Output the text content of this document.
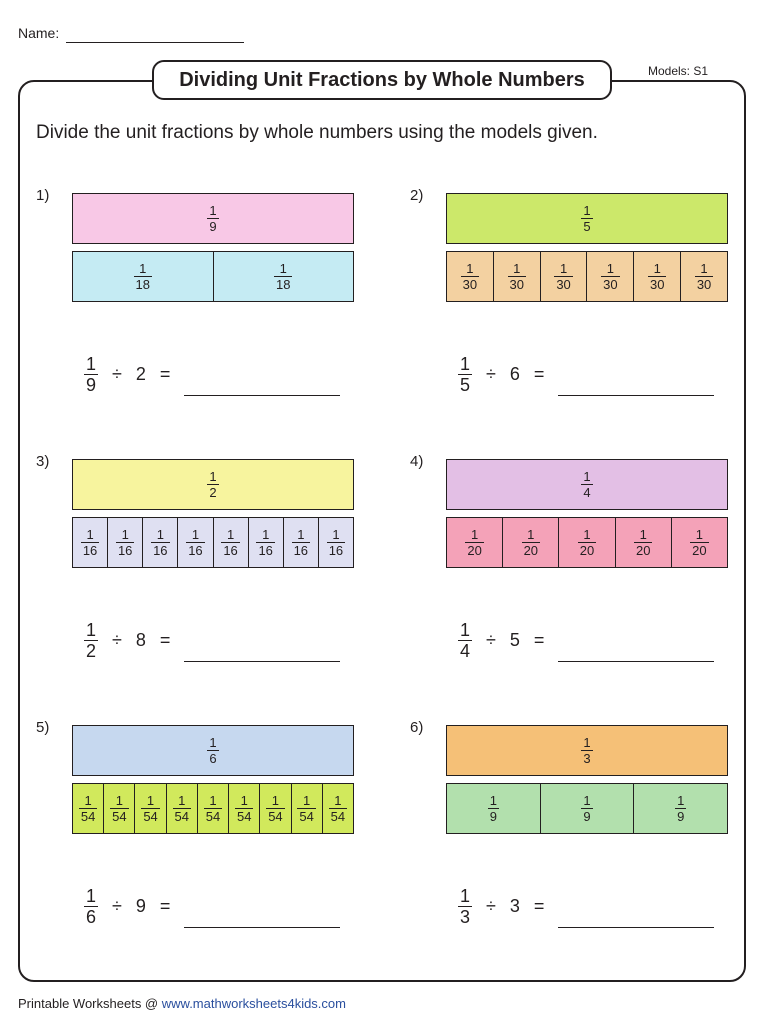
Name:
Dividing Unit Fractions by Whole Numbers	Models: S1
Divide the unit fractions by whole numbers using the models given.
1)
$\frac{1}{9}$
$\frac{1}{18}$	$\frac{1}{18}$
$\frac{1}{9} \div 2$ =
2)
$\frac{1}{5}$
$\frac{1}{30} \frac{1}{30} \frac{1}{30} \frac{1}{30} \frac{1}{30} \frac{1}{30}$
$\frac{1}{5} \div 6$ =
3)
$\frac{1}{2}$
$\frac{1}{16} \frac{1}{16} \frac{1}{16} \frac{1}{16} \frac{1}{16} \frac{1}{16} \frac{1}{16} \frac{1}{16}$
$\frac{1}{2} \div 8$ =
4)
$\frac{1}{4}$
$\frac{1}{20}$	$\frac{1}{20}$	$\frac{1}{20}$	$\frac{1}{20}$	$\frac{1}{20}$
$\frac{1}{4} \div 5$ =
5)
$\frac{1}{6}$
$\frac{1}{54} \frac{1}{54} \frac{1}{54} \frac{1}{54} \frac{1}{54} \frac{1}{54} \frac{1}{54} \frac{1}{54} \frac{1}{54}$
$\frac{1}{6} \div 9$ =
6)
$\frac{1}{3}$
$\frac{1}{9}$	$\frac{1}{9}$	$\frac{1}{9}$
$\frac{1}{3} \div 3$ =
Printable Worksheets @ www.mathworksheets4kids.com
